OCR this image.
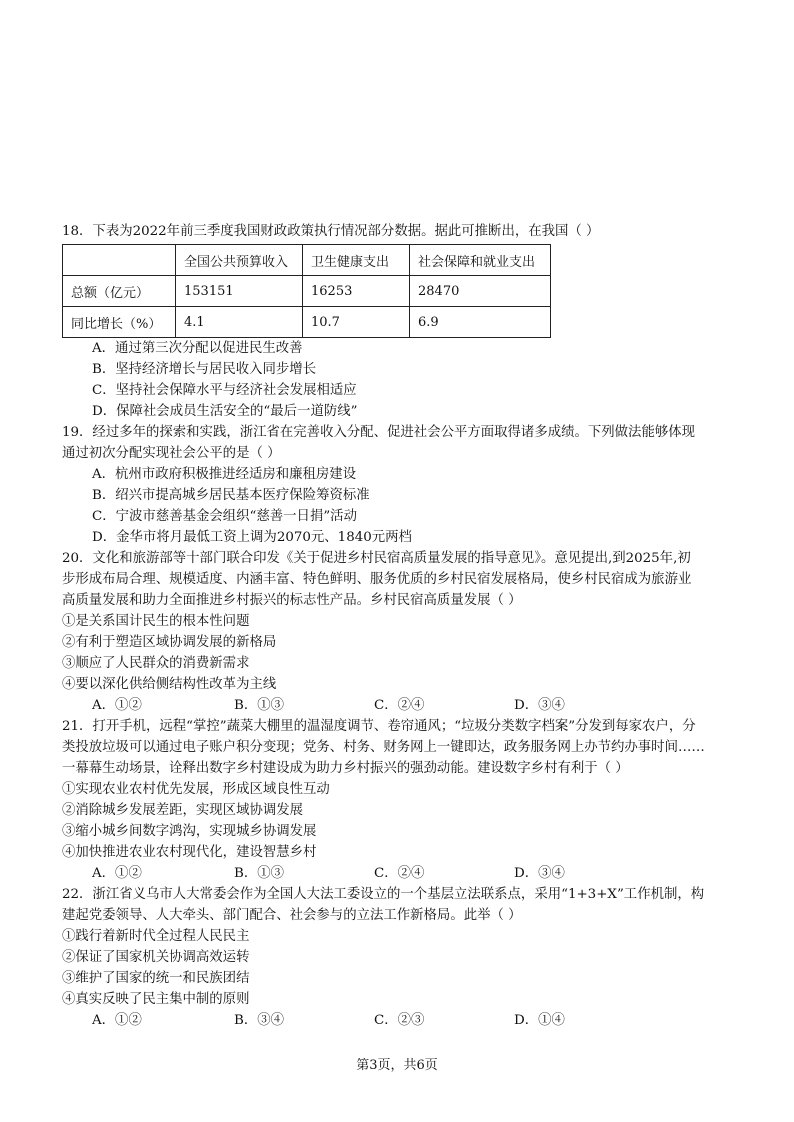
18．下表为2022年前三季度我国财政政策执行情况部分数据。据此可推断出，在我国（ ）
	全国公共预算收入	卫生健康支出	社会保障和就业支出
总额（亿元）	153151	16253	28470
同比增长（%）	4.1	10.7	6.9
A．通过第三次分配以促进民生改善
B．坚持经济增长与居民收入同步增长
C．坚持社会保障水平与经济社会发展相适应
D．保障社会成员生活安全的“最后一道防线”
19．经过多年的探索和实践，浙江省在完善收入分配、促进社会公平方面取得诸多成绩。下列做法能够体现
通过初次分配实现社会公平的是（ ）
A．杭州市政府积极推进经适房和廉租房建设
B．绍兴市提高城乡居民基本医疗保险筹资标准
C．宁波市慈善基金会组织“慈善一日捐”活动
D．金华市将月最低工资上调为2070元、1840元两档
20．文化和旅游部等十部门联合印发《关于促进乡村民宿高质量发展的指导意见》。意见提出,到2025年,初
步形成布局合理、规模适度、内涵丰富、特色鲜明、服务优质的乡村民宿发展格局，使乡村民宿成为旅游业
高质量发展和助力全面推进乡村振兴的标志性产品。乡村民宿高质量发展（ ）
①是关系国计民生的根本性问题
②有利于塑造区域协调发展的新格局
③顺应了人民群众的消费新需求
④要以深化供给侧结构性改革为主线
A．①②	B．①③	C．②④	D．③④
21．打开手机，远程“掌控”蔬菜大棚里的温湿度调节、卷帘通风；“垃圾分类数字档案”分发到每家农户，分
类投放垃圾可以通过电子账户积分变现；党务、村务、财务网上一键即达，政务服务网上办节约办事时间……
一幕幕生动场景，诠释出数字乡村建设成为助力乡村振兴的强劲动能。建设数字乡村有利于（ ）
①实现农业农村优先发展，形成区域良性互动
②消除城乡发展差距，实现区域协调发展
③缩小城乡间数字鸿沟，实现城乡协调发展
④加快推进农业农村现代化，建设智慧乡村
A．①②	B．①③	C．②④	D．③④
22．浙江省义乌市人大常委会作为全国人大法工委设立的一个基层立法联系点，采用“1+3+X”工作机制，构
建起党委领导、人大牵头、部门配合、社会参与的立法工作新格局。此举（ ）
①践行着新时代全过程人民民主
②保证了国家机关协调高效运转
③维护了国家的统一和民族团结
④真实反映了民主集中制的原则
A．①②	B．③④	C．②③	D．①④
第3页，共6页
